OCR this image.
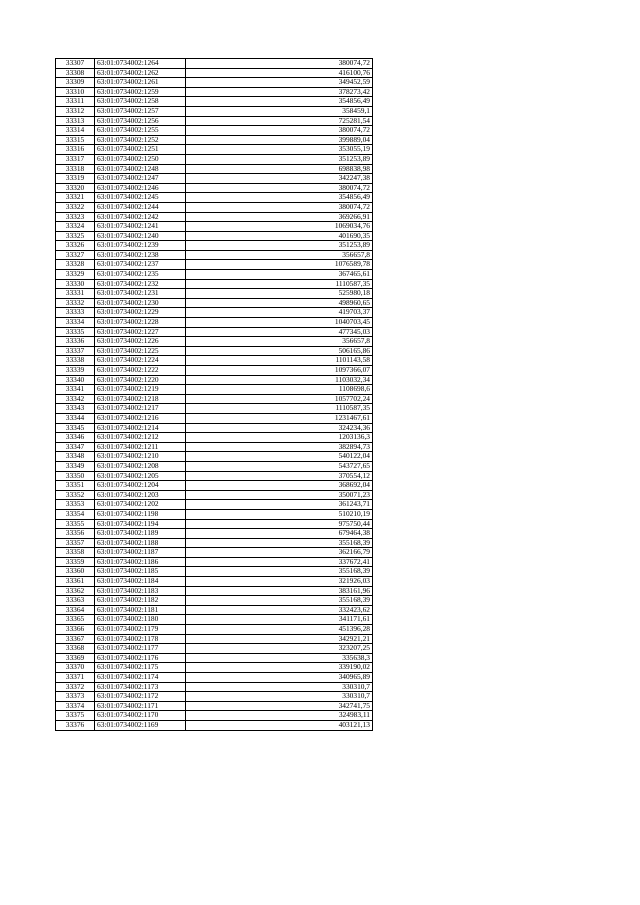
33307	63:01:0734002:1264	380074,72
33308	63:01:0734002:1262	416100,76
33309	63:01:0734002:1261	349452,59
33310	63:01:0734002:1259	378273,42
33311	63:01:0734002:1258	354856,49
33312	63:01:0734002:1257	358459,1
33313	63:01:0734002:1256	725281,54
33314	63:01:0734002:1255	380074,72
33315	63:01:0734002:1252	399889,04
33316	63:01:0734002:1251	353055,19
33317	63:01:0734002:1250	351253,89
33318	63:01:0734002:1248	698838,98
33319	63:01:0734002:1247	342247,38
33320	63:01:0734002:1246	380074,72
33321	63:01:0734002:1245	354856,49
33322	63:01:0734002:1244	380074,72
33323	63:01:0734002:1242	369266,91
33324	63:01:0734002:1241	1069034,76
33325	63:01:0734002:1240	401690,35
33326	63:01:0734002:1239	351253,89
33327	63:01:0734002:1238	356657,8
33328	63:01:0734002:1237	1076589,78
33329	63:01:0734002:1235	367465,61
33330	63:01:0734002:1232	1110587,35
33331	63:01:0734002:1231	525980,18
33332	63:01:0734002:1230	498960,65
33333	63:01:0734002:1229	419703,37
33334	63:01:0734002:1228	1040703,45
33335	63:01:0734002:1227	477345,03
33336	63:01:0734002:1226	356657,8
33337	63:01:0734002:1225	506165,86
33338	63:01:0734002:1224	1101143,58
33339	63:01:0734002:1222	1097366,07
33340	63:01:0734002:1220	1103032,34
33341	63:01:0734002:1219	1108698,6
33342	63:01:0734002:1218	1057702,24
33343	63:01:0734002:1217	1110587,35
33344	63:01:0734002:1216	1231467,61
33345	63:01:0734002:1214	324234,36
33346	63:01:0734002:1212	1203136,3
33347	63:01:0734002:1211	382894,73
33348	63:01:0734002:1210	540122,04
33349	63:01:0734002:1208	543727,65
33350	63:01:0734002:1205	370554,12
33351	63:01:0734002:1204	368692,04
33352	63:01:0734002:1203	350071,23
33353	63:01:0734002:1202	361243,71
33354	63:01:0734002:1198	510210,19
33355	63:01:0734002:1194	975750,44
33356	63:01:0734002:1189	679464,38
33357	63:01:0734002:1188	355168,39
33358	63:01:0734002:1187	362166,79
33359	63:01:0734002:1186	337672,41
33360	63:01:0734002:1185	355168,39
33361	63:01:0734002:1184	321926,03
33362	63:01:0734002:1183	383161,96
33363	63:01:0734002:1182	355168,39
33364	63:01:0734002:1181	332423,62
33365	63:01:0734002:1180	341171,61
33366	63:01:0734002:1179	451396,28
33367	63:01:0734002:1178	342921,21
33368	63:01:0734002:1177	323207,25
33369	63:01:0734002:1176	335638,3
33370	63:01:0734002:1175	339190,02
33371	63:01:0734002:1174	340965,89
33372	63:01:0734002:1173	330310,7
33373	63:01:0734002:1172	330310,7
33374	63:01:0734002:1171	342741,75
33375	63:01:0734002:1170	324983,11
33376	63:01:0734002:1169	403121,13
